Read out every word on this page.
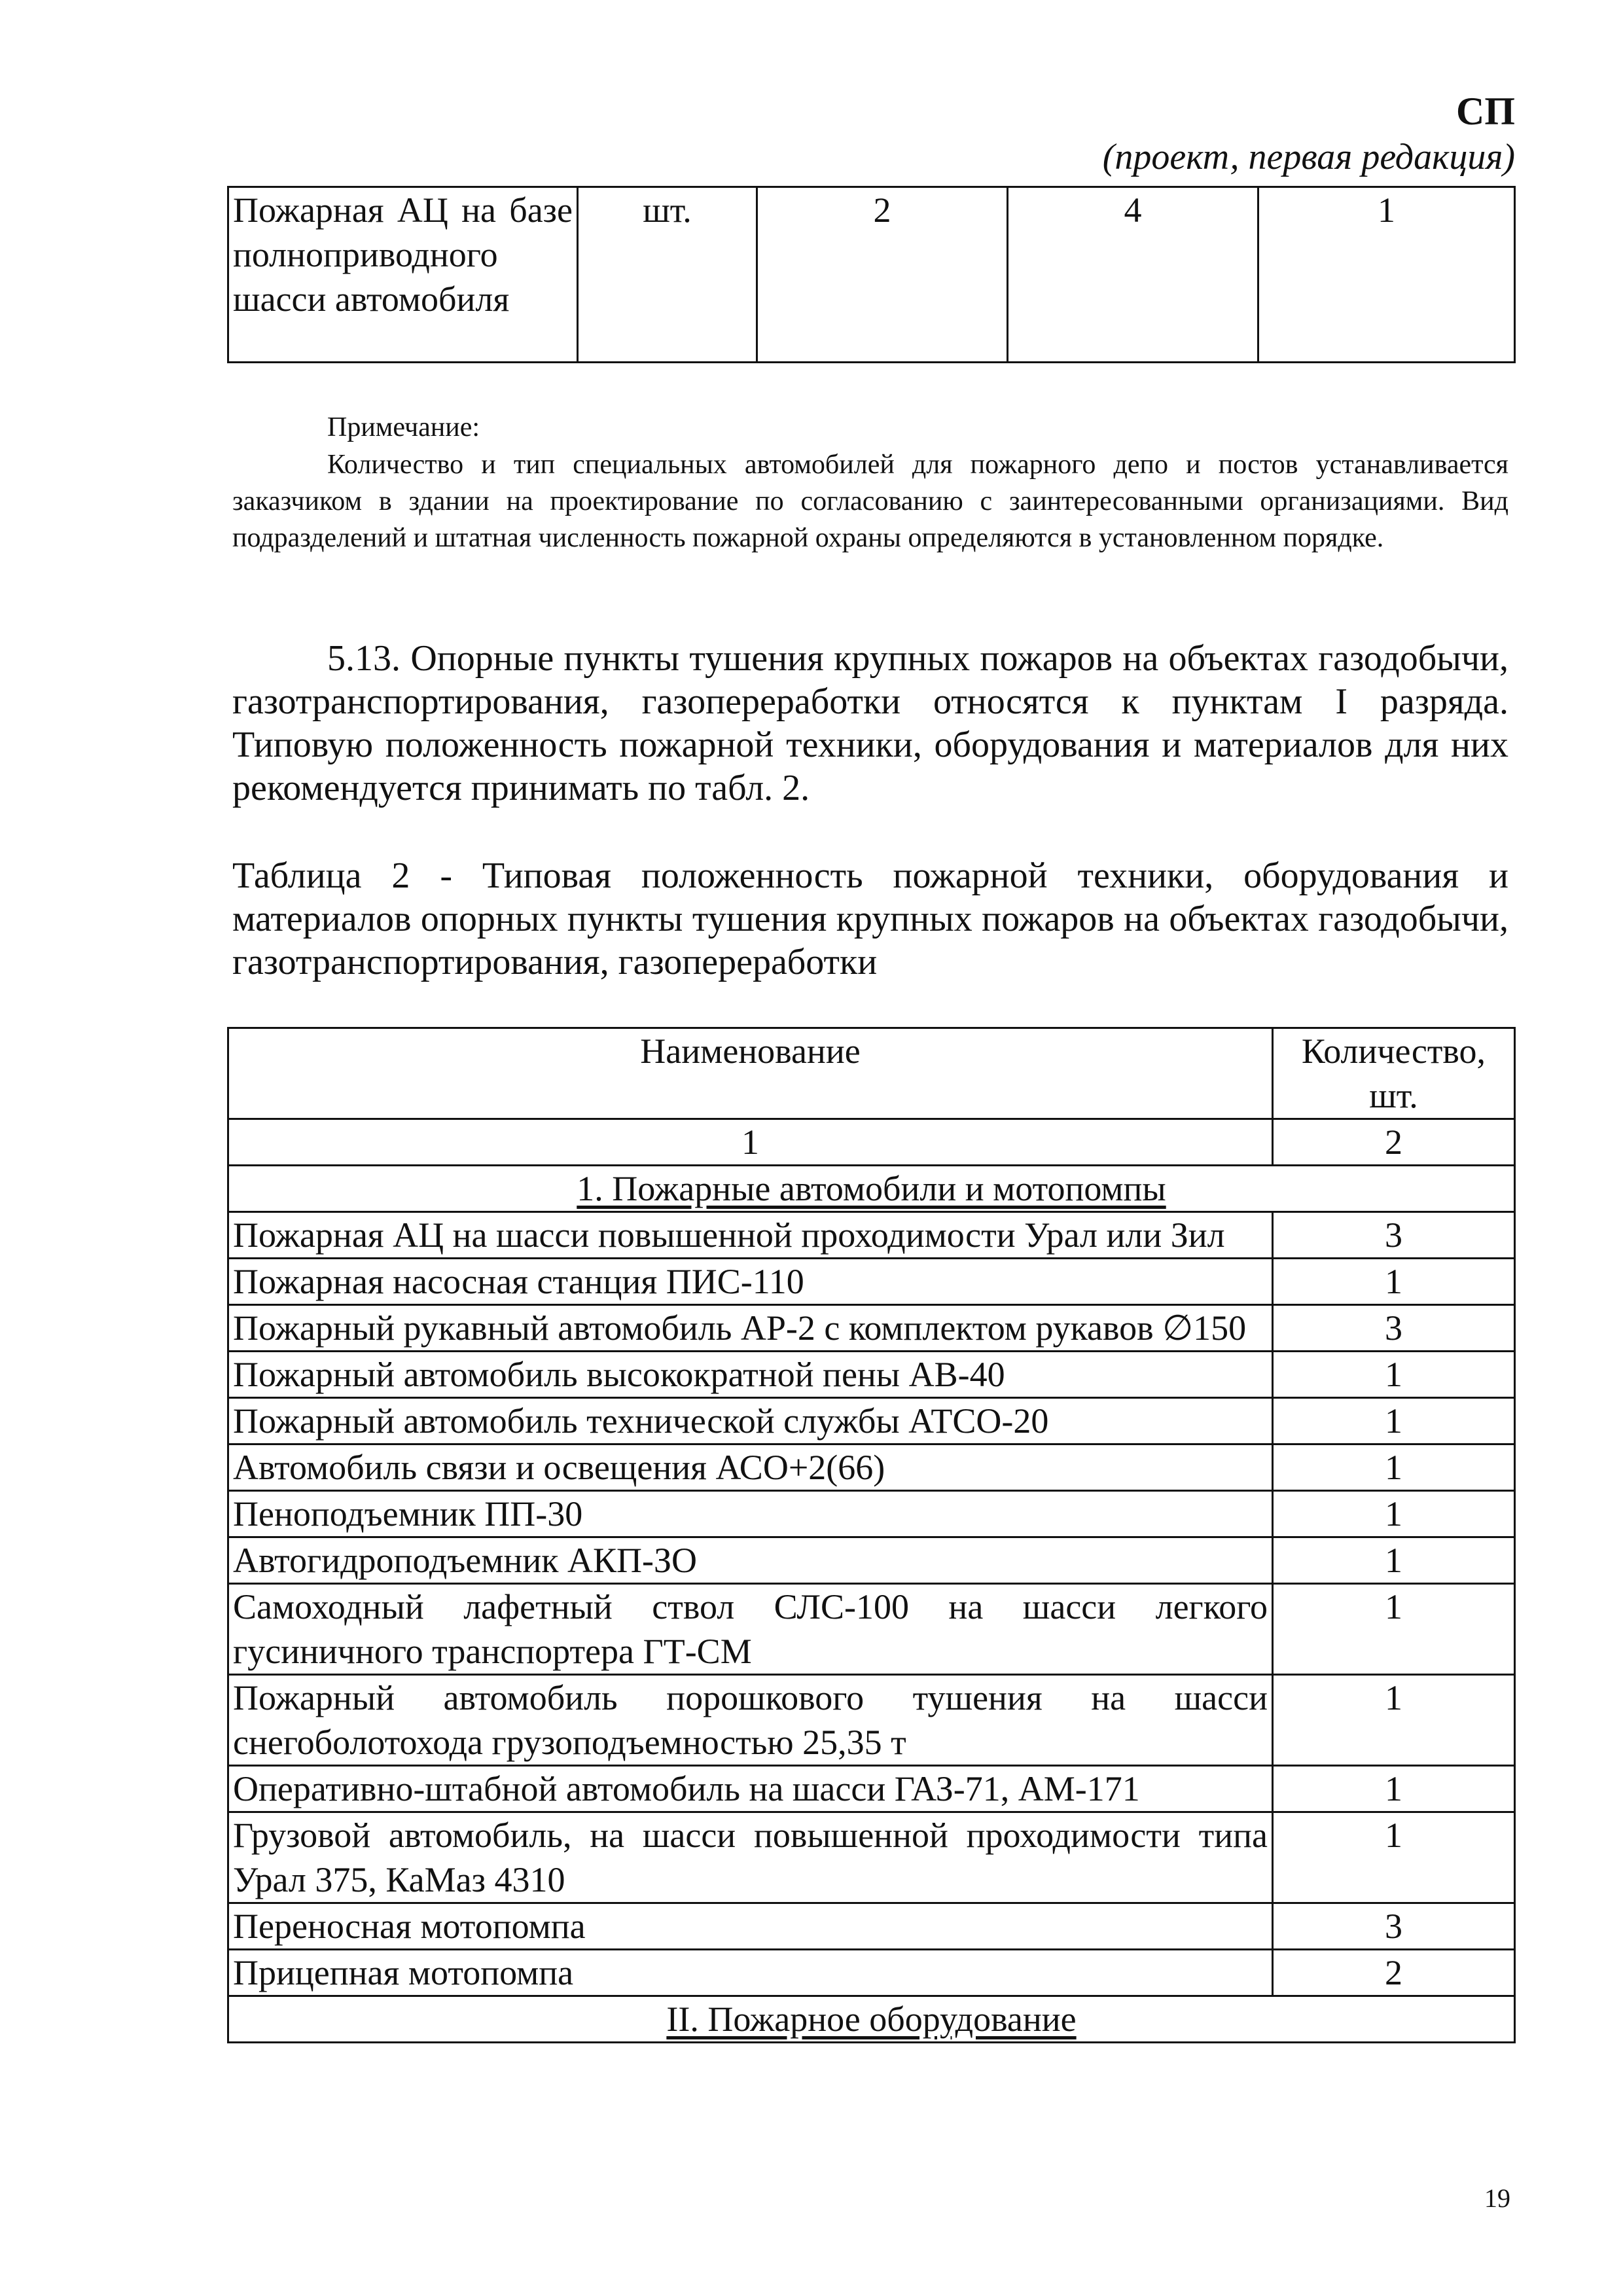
СП
(проект, первая редакция)
Пожарная АЦ на базе полноприводного шасси автомобиля	шт.	2	4	1
Примечание:
Количество и тип специальных автомобилей для пожарного депо и постов устанавливается заказчиком в здании на проектирование по согласованию с заинтересованными организациями. Вид подразделений и штатная численность пожарной охраны определяются в установленном порядке.
5.13. Опорные пункты тушения крупных пожаров на объектах газодобычи, газотранспортирования, газопереработки относятся к пунктам I разряда. Типовую положенность пожарной техники, оборудования и материалов для них рекомендуется принимать по табл. 2.
Таблица 2 - Типовая положенность пожарной техники, оборудования и материалов опорных пункты тушения крупных пожаров на объектах газодобычи, газотранспортирования, газопереработки
Наименование	Количество, шт.
1	2
1. Пожарные автомобили и мотопомпы	
Пожарная АЦ на шасси повышенной проходимости Урал или Зил	3
Пожарная насосная станция ПИС-110	1
Пожарный рукавный автомобиль АР-2 с комплектом рукавов ∅150	3
Пожарный автомобиль высокократной пены АВ-40	1
Пожарный автомобиль технической службы АТСО-20	1
Автомобиль связи и освещения АСО+2(66)	1
Пеноподъемник ПП-30	1
Автогидроподъемник АКП-ЗО	1
Самоходный лафетный ствол СЛС-100 на шасси легкого гусиничного транспортера ГТ-СМ	1
Пожарный автомобиль порошкового тушения на шасси снегоболотохода грузоподъемностью 25,35 т	1
Оперативно-штабной автомобиль на шасси ГАЗ-71, АМ-171	1
Грузовой автомобиль, на шасси повышенной проходимости типа Урал 375, КаМаз 4310	1
Переносная мотопомпа	3
Прицепная мотопомпа	2
II. Пожарное оборудование	
19
